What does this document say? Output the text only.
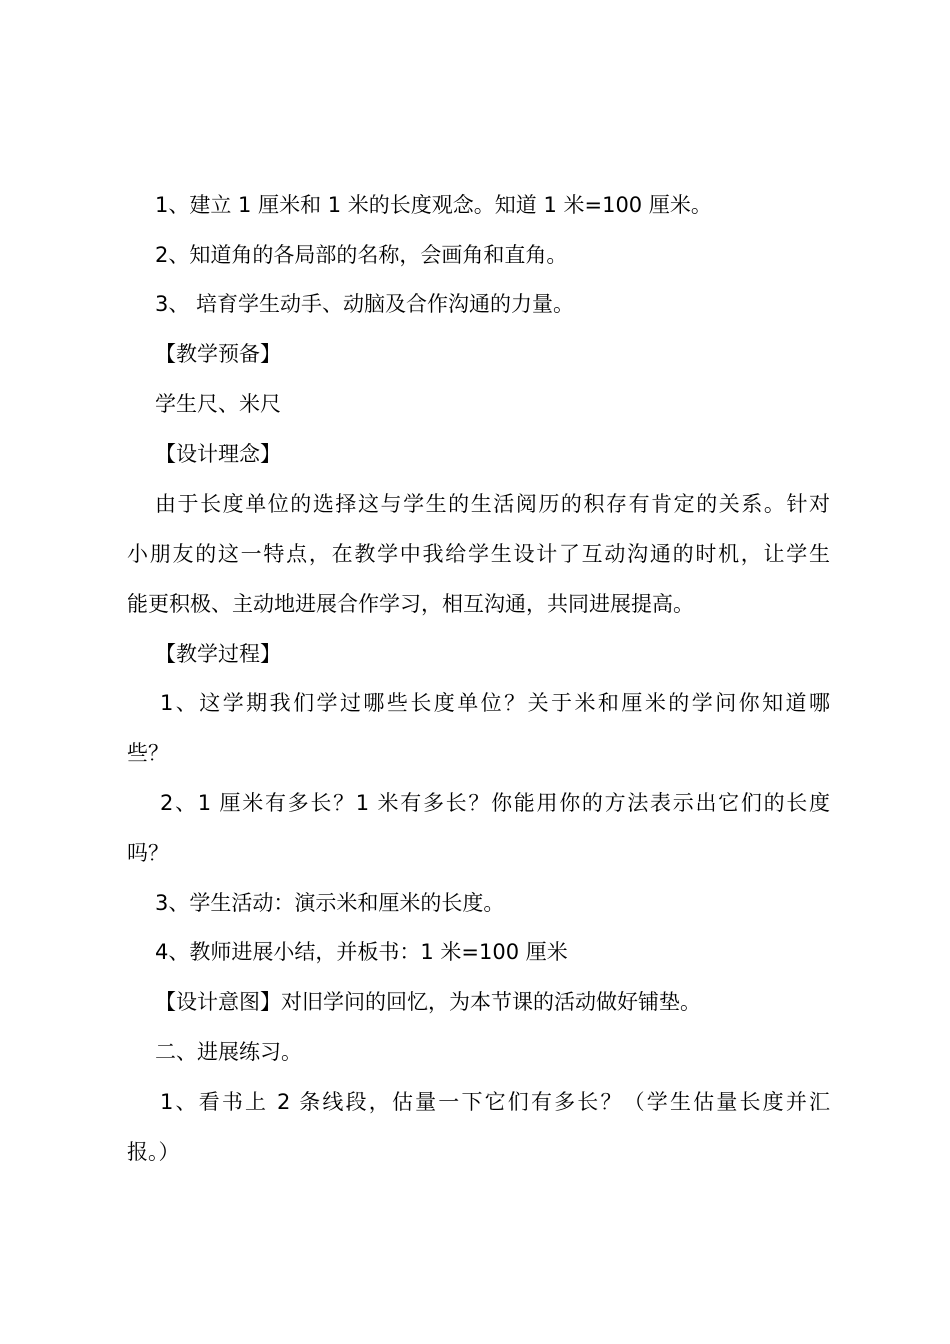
1、建立 1 厘米和 1 米的长度观念。知道 1 米=100 厘米。
2、知道角的各局部的名称，会画角和直角。
3、 培育学生动手、动脑及合作沟通的力量。
【教学预备】
学生尺、米尺
【设计理念】
由于长度单位的选择这与学生的生活阅历的积存有肯定的关系。针对
小朋友的这一特点，在教学中我给学生设计了互动沟通的时机，让学生
能更积极、主动地进展合作学习，相互沟通，共同进展提高。
【教学过程】
1、这学期我们学过哪些长度单位？关于米和厘米的学问你知道哪
些？
2、1 厘米有多长？1 米有多长？你能用你的方法表示出它们的长度
吗？
3、学生活动：演示米和厘米的长度。
4、教师进展小结，并板书：1 米=100 厘米
【设计意图】对旧学问的回忆，为本节课的活动做好铺垫。
二、进展练习。
1、看书上 2 条线段，估量一下它们有多长？（学生估量长度并汇
报。）
